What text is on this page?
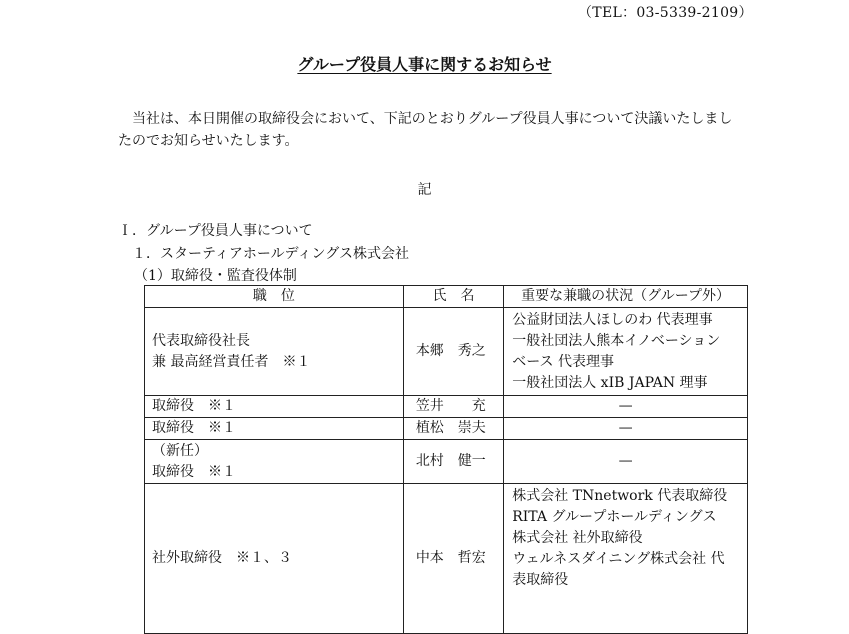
（TEL：03-5339-2109）
グループ役員人事に関するお知らせ
当社は、本日開催の取締役会において、下記のとおりグループ役員人事について決議いたしましたのでお知らせいたします。
記
Ｉ．グループ役員人事について
１．スターティアホールディングス株式会社
（1）取締役・監査役体制
職　位	氏　名	重要な兼職の状況（グループ外）

代表取締役社長
兼 最高経営責任者　※１	本郷　秀之	公益財団法人ほしのわ 代表理事
一般社団法人熊本イノベーション
ベース 代表理事
一般社団法人 xIB JAPAN 理事

取締役　※１	笠井　　充	—

取締役　※１	植松　崇夫	—

（新任）
取締役　※１	北村　健一	—

社外取締役　※１、３	中本　哲宏	株式会社 TNnetwork 代表取締役
RITA グループホールディングス
株式会社 社外取締役
ウェルネスダイニング株式会社 代
表取締役
